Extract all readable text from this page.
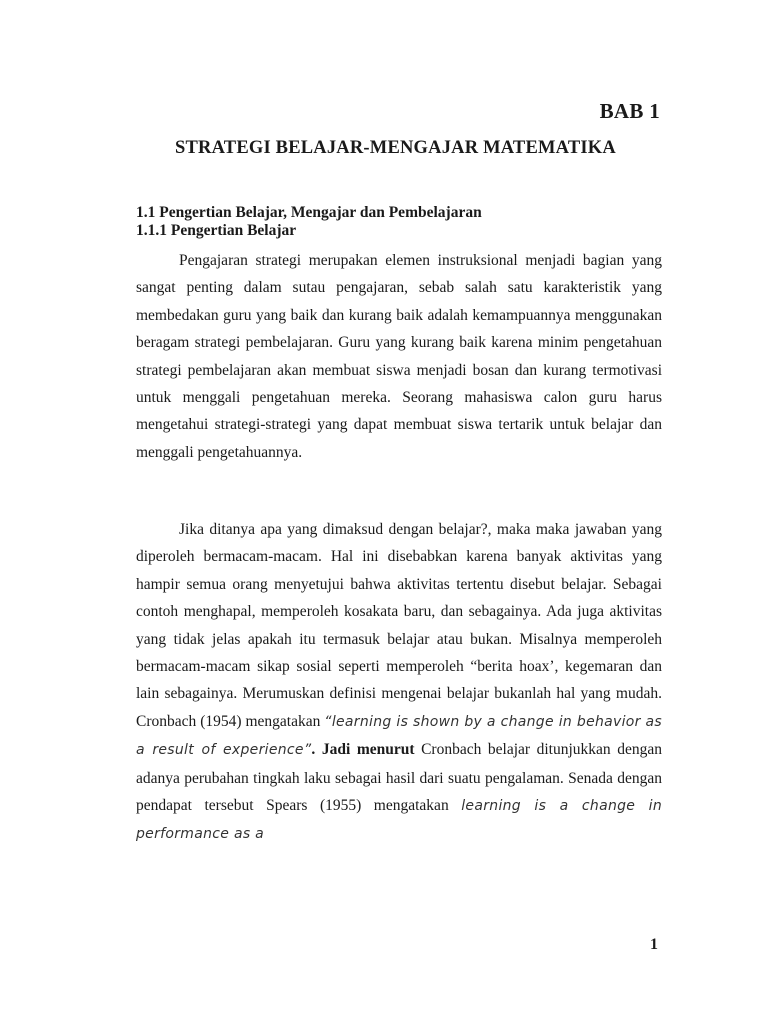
BAB 1
STRATEGI BELAJAR-MENGAJAR MATEMATIKA
1.1 Pengertian Belajar, Mengajar dan Pembelajaran
1.1.1 Pengertian Belajar

Pengajaran strategi merupakan elemen instruksional menjadi bagian yang sangat penting dalam sutau pengajaran, sebab salah satu karakteristik yang membedakan guru yang baik dan kurang baik adalah kemampuannya menggunakan beragam strategi pembelajaran. Guru yang kurang baik karena minim pengetahuan strategi pembelajaran akan membuat siswa menjadi bosan dan kurang termotivasi untuk menggali pengetahuan mereka. Seorang mahasiswa calon guru harus mengetahui strategi-strategi yang dapat membuat siswa tertarik untuk belajar dan menggali pengetahuannya.

Jika ditanya apa yang dimaksud dengan belajar?, maka maka jawaban yang diperoleh bermacam-macam. Hal ini disebabkan karena banyak aktivitas yang hampir semua orang menyetujui bahwa aktivitas tertentu disebut belajar. Sebagai contoh menghapal, memperoleh kosakata baru, dan sebagainya. Ada juga aktivitas yang tidak jelas apakah itu termasuk belajar atau bukan. Misalnya memperoleh bermacam-macam sikap sosial seperti memperoleh “berita hoax’, kegemaran dan lain sebagainya. Merumuskan definisi mengenai belajar bukanlah hal yang mudah. Cronbach (1954) mengatakan “learning is shown by a change in behavior as a result of experience”. Jadi menurut Cronbach belajar ditunjukkan dengan adanya perubahan tingkah laku sebagai hasil dari suatu pengalaman. Senada dengan pendapat tersebut Spears (1955) mengatakan learning is a change in performance as a

1
